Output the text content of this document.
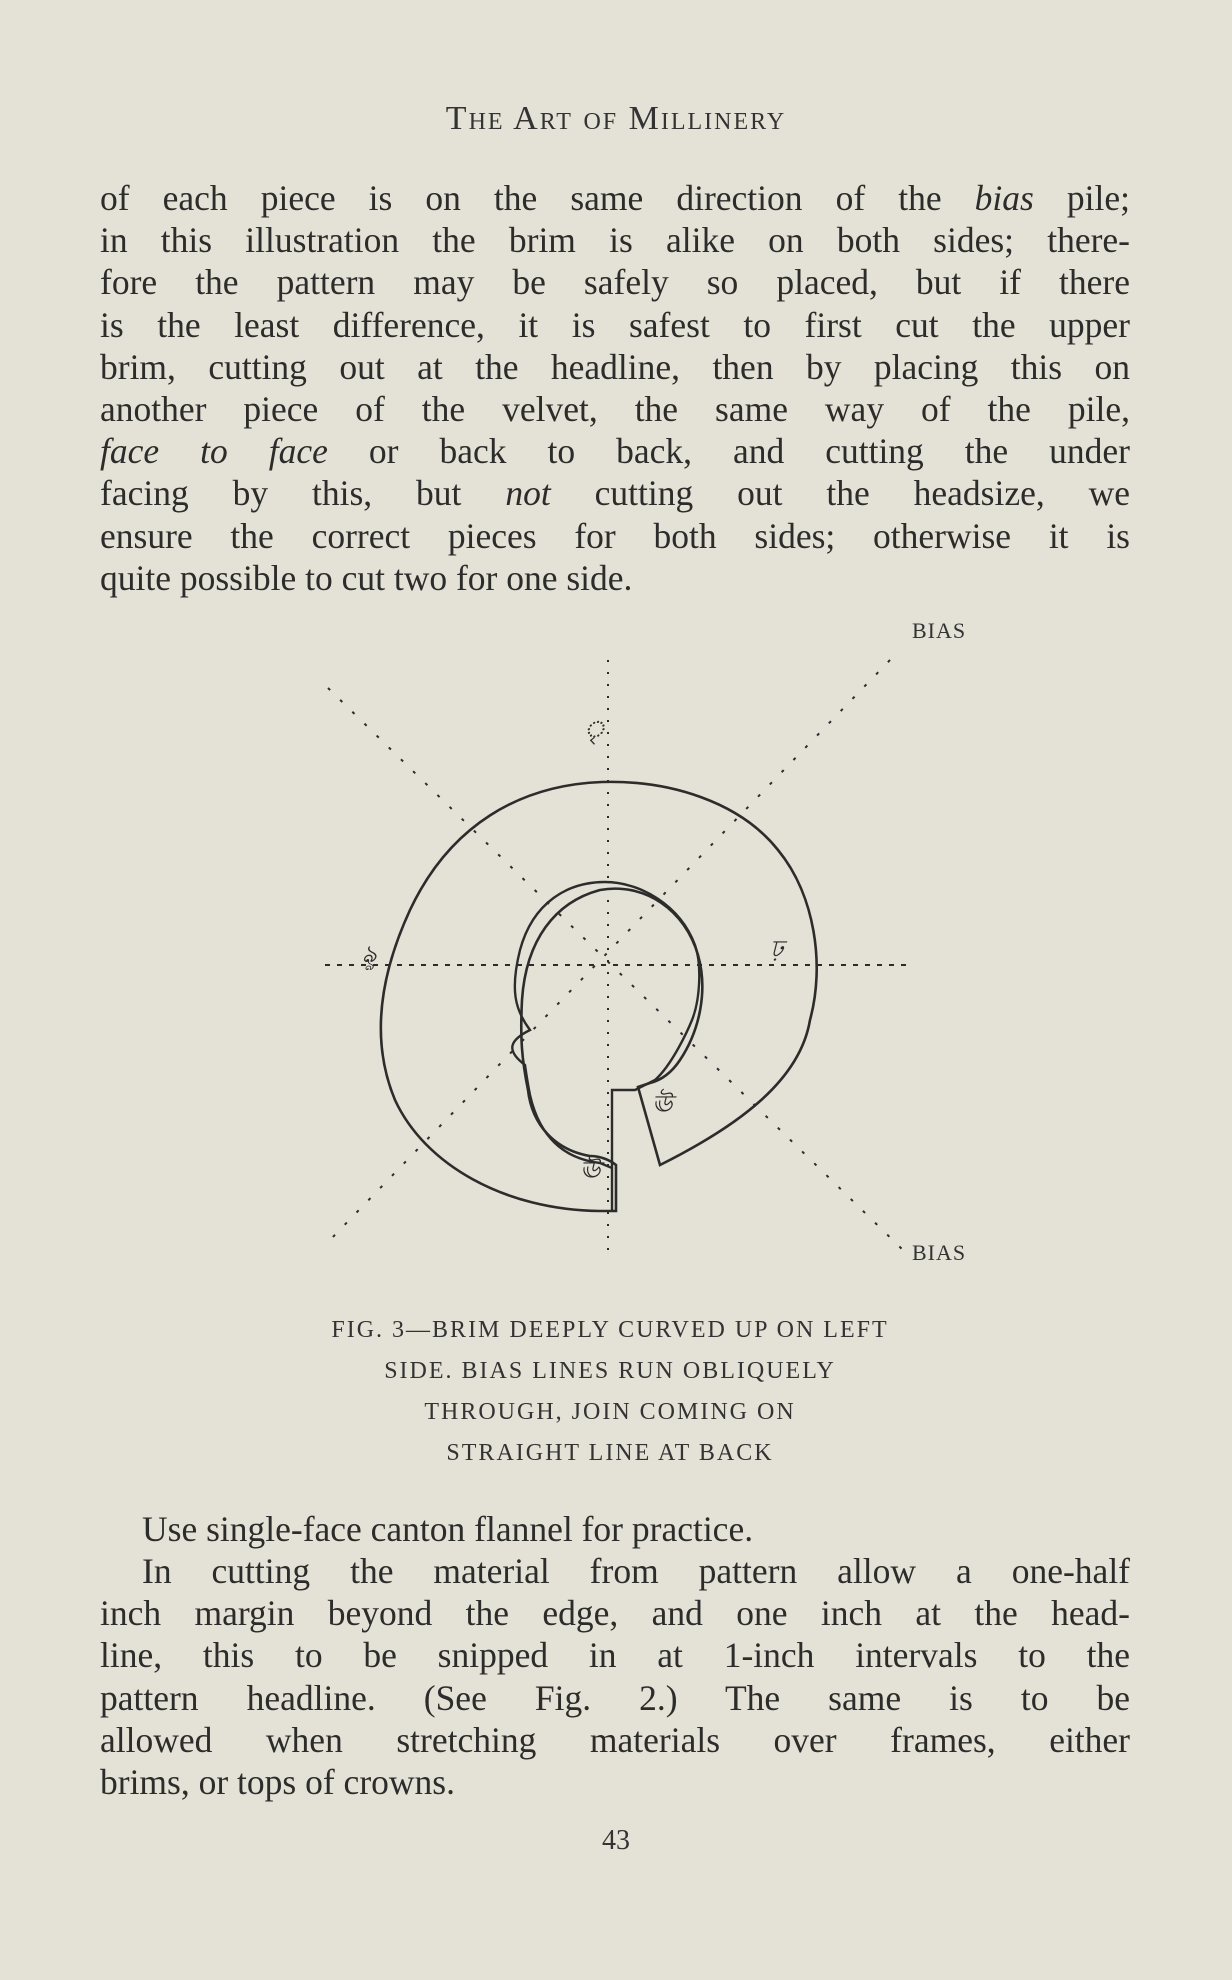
The Art of Millinery
of each piece is on the same direction of the bias pile;
in this illustration the brim is alike on both sides; there-
fore the pattern may be safely so placed, but if there
is the least difference, it is safest to first cut the upper
brim, cutting out at the headline, then by placing this on
another piece of the velvet, the same way of the pile,
face to face or back to back, and cutting the under
facing by this, but not cutting out the headsize, we
ensure the correct pieces for both sides; otherwise it is
quite possible to cut two for one side.
BIAS
BIAS
ৃ
ৡ	ঢ়
ঊ
ঊ
FIG. 3—BRIM DEEPLY CURVED UP ON LEFT
SIDE. BIAS LINES RUN OBLIQUELY
THROUGH, JOIN COMING ON
STRAIGHT LINE AT BACK
Use single-face canton flannel for practice.
In cutting the material from pattern allow a one-half
inch margin beyond the edge, and one inch at the head-
line, this to be snipped in at 1-inch intervals to the
pattern headline. (See Fig. 2.) The same is to be
allowed when stretching materials over frames, either
brims, or tops of crowns.
43
